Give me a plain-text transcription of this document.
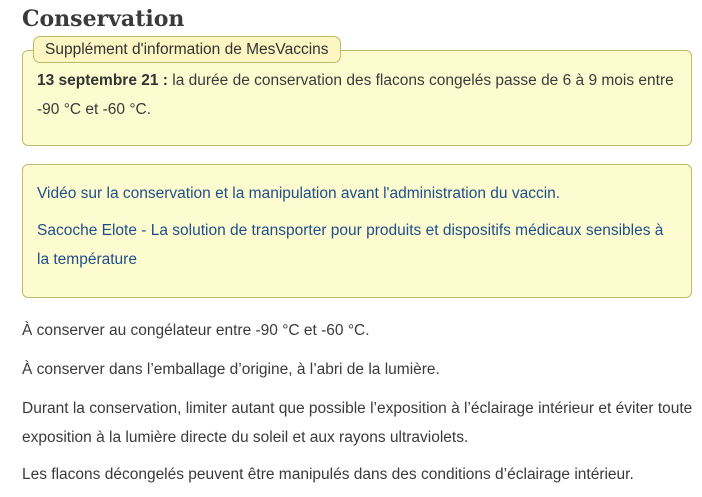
Conservation

13 septembre 21 : la durée de conservation des flacons congelés passe de 6 à 9 mois entre -90 °C et -60 °C.

Supplément d'information de MesVaccins
Vidéo sur la conservation et la manipulation avant l'administration du vaccin.
Sacoche Elote - La solution de transporter pour produits et dispositifs médicaux sensibles à la température

À conserver au congélateur entre -90 °C et -60 °C.

À conserver dans l’emballage d’origine, à l’abri de la lumière.

Durant la conservation, limiter autant que possible l’exposition à l’éclairage intérieur et éviter toute exposition à la lumière directe du soleil et aux rayons ultraviolets.

Les flacons décongelés peuvent être manipulés dans des conditions d’éclairage intérieur.
